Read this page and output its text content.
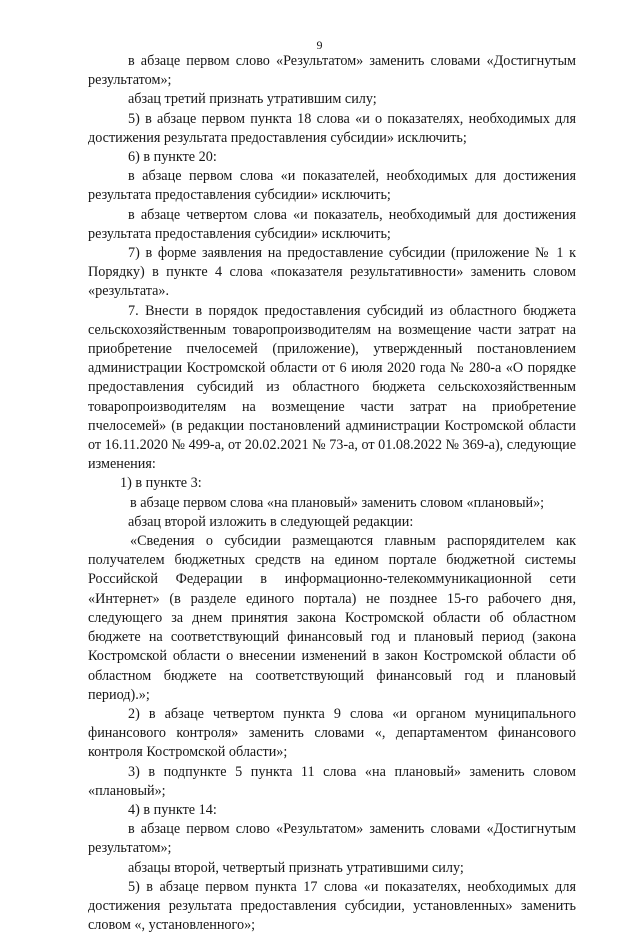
9

в абзаце первом слово «Результатом» заменить словами «Достигнутым результатом»;

абзац третий признать утратившим силу;

5) в абзаце первом пункта 18 слова «и о показателях, необходимых для достижения результата предоставления субсидии» исключить;

6) в пункте 20:

в абзаце первом слова «и показателей, необходимых для достижения результата предоставления субсидии» исключить;

в абзаце четвертом слова «и показатель, необходимый для достижения результата предоставления субсидии» исключить;

7) в форме заявления на предоставление субсидии (приложение № 1 к Порядку) в пункте 4 слова «показателя результативности» заменить словом «результата».

7. Внести в порядок предоставления субсидий из областного бюджета сельскохозяйственным товаропроизводителям на возмещение части затрат на приобретение пчелосемей (приложение), утвержденный постановлением администрации Костромской области от 6 июля 2020 года № 280-а «О порядке предоставления субсидий из областного бюджета сельскохозяйственным товаропроизводителям на возмещение части затрат на приобретение пчелосемей» (в редакции постановлений администрации Костромской области от 16.11.2020 № 499-а, от 20.02.2021 № 73-а, от 01.08.2022 № 369-а), следующие изменения:

1) в пункте 3:

в абзаце первом слова «на плановый» заменить словом «плановый»;

абзац второй изложить в следующей редакции:

«Сведения о субсидии размещаются главным распорядителем как получателем бюджетных средств на едином портале бюджетной системы Российской Федерации в информационно-телекоммуникационной сети «Интернет» (в разделе единого портала) не позднее 15-го рабочего дня, следующего за днем принятия закона Костромской области об областном бюджете на соответствующий финансовый год и плановый период (закона Костромской области о внесении изменений в закон Костромской области об областном бюджете на соответствующий финансовый год и плановый период).»;

2) в абзаце четвертом пункта 9 слова «и органом муниципального финансового контроля» заменить словами «, департаментом финансового контроля Костромской области»;

3) в подпункте 5 пункта 11 слова «на плановый» заменить словом «плановый»;

4) в пункте 14:

в абзаце первом слово «Результатом» заменить словами «Достигнутым результатом»;

абзацы второй, четвертый признать утратившими силу;

5) в абзаце первом пункта 17 слова «и показателях, необходимых для достижения результата предоставления субсидии, установленных» заменить словом «, установленного»;
